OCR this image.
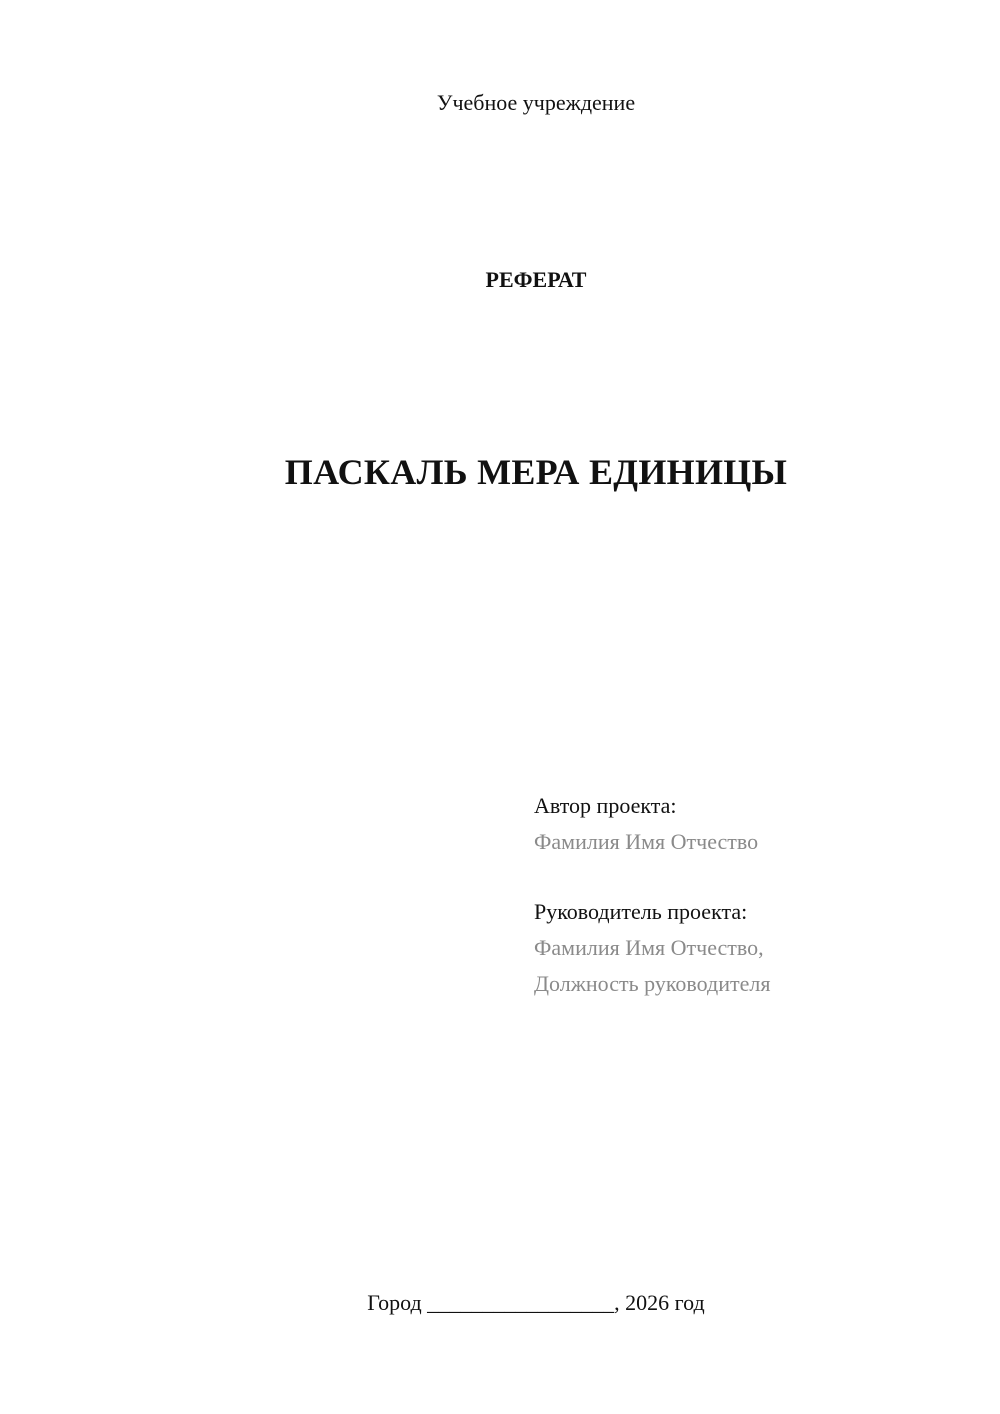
Учебное учреждение

РЕФЕРАТ

ПАСКАЛЬ МЕРА ЕДИНИЦЫ

Автор проекта:
Фамилия Имя Отчество
Руководитель проекта:
Фамилия Имя Отчество,
Должность руководителя
Город _________________, 2026 год
